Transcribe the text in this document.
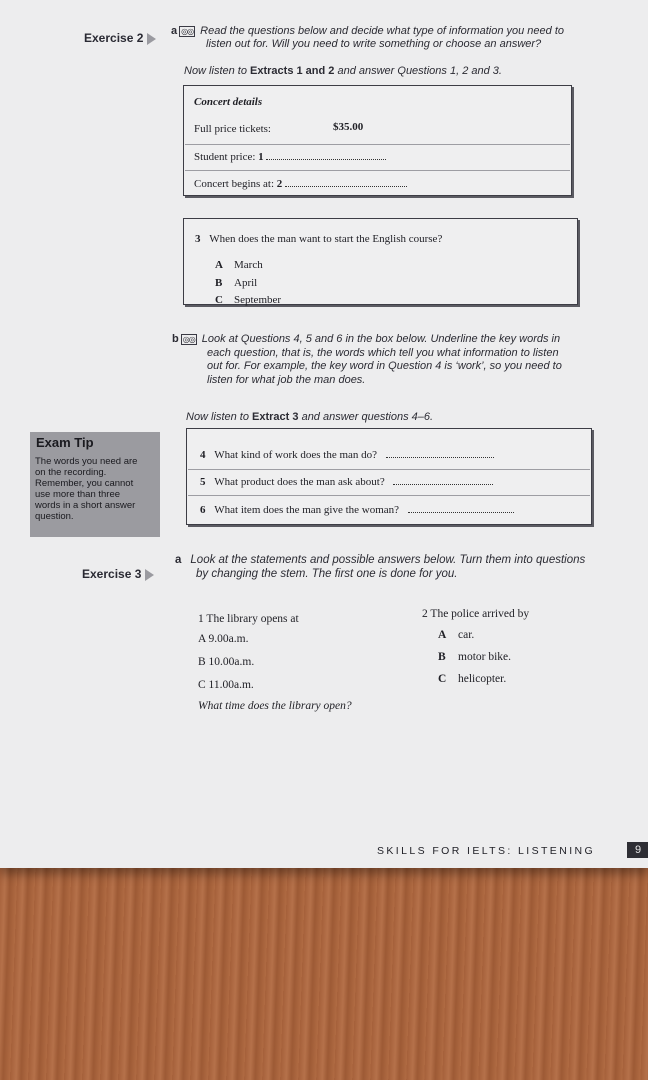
Exercise 2	a ◎◎ Read the questions below and decide what type of information you need to
listen out for. Will you need to write something or choose an answer?
Now listen to Extracts 1 and 2 and answer Questions 1, 2 and 3.
Concert details
Full price tickets:	$35.00
Student price: 1
Concert begins at: 2
3 When does the man want to start the English course?
A March
B April
C September
b ◎◎ Look at Questions 4, 5 and 6 in the box below. Underline the key words in
each question, that is, the words which tell you what information to listen
out for. For example, the key word in Question 4 is ‘work’, so you need to
listen for what job the man does.
Now listen to Extract 3 and answer questions 4–6.
Exam Tip
The words you need are
on the recording.
Remember, you cannot
use more than three
words in a short answer
question.
4 What kind of work does the man do?
5 What product does the man ask about?
6 What item does the man give the woman?
Exercise 3
a Look at the statements and possible answers below. Turn them into questions
by changing the stem. The first one is done for you.
1 The library opens at
A 9.00a.m.
B 10.00a.m.
C 11.00a.m.
What time does the library open?
2 The police arrived by
A car.
B motor bike.
C helicopter.
SKILLS FOR IELTS: LISTENING	9
